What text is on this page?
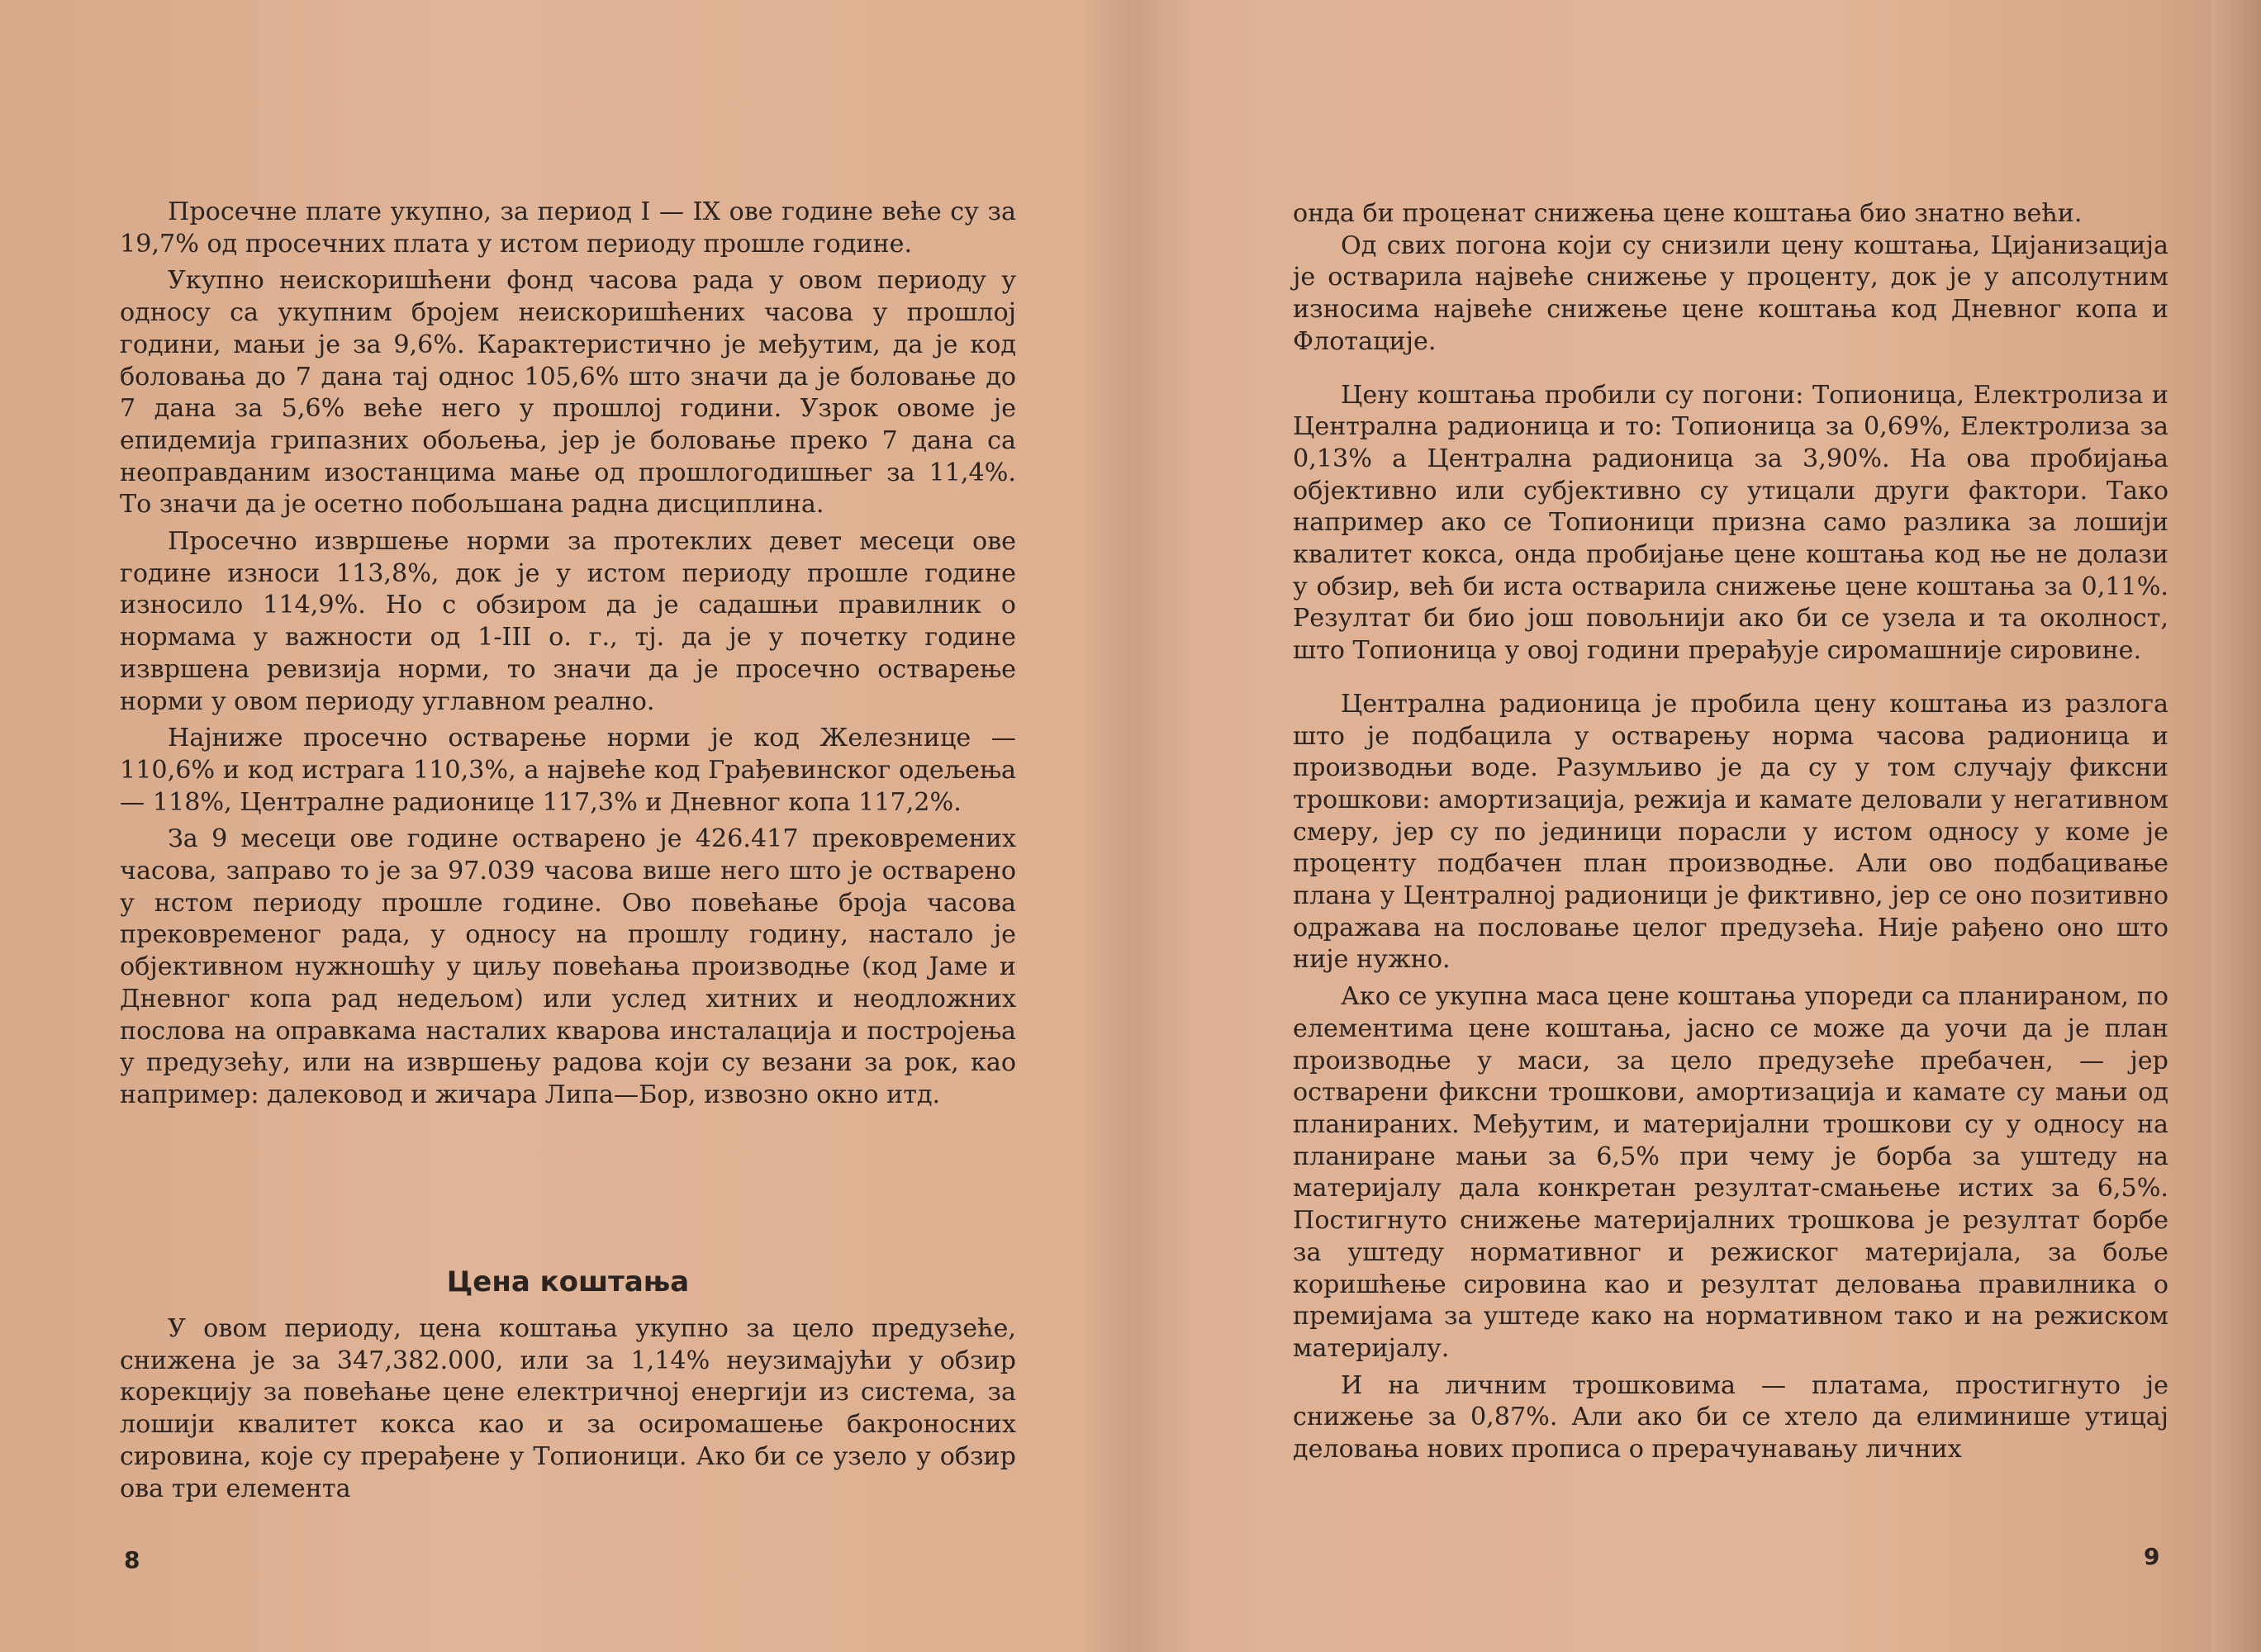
Просечне плате укупно, за период I — IX ове године веће су за 19,7% од просечних плата у истом периоду прошле године.

Укупно неискоришћени фонд часова рада у овом периоду у односу са укупним бројем неискоришћених часова у прошлој години, мањи је за 9,6%. Карактеристично је међутим, да је код боловања до 7 дана тај однос 105,6% што значи да је боловање до 7 дана за 5,6% веће него у прошлој години. Узрок овоме је епидемија грипазних обољења, јер је боловање преко 7 дана са неоправданим изостанцима мање од прошлогодишњег за 11,4%. То значи да је осетно побољшана радна дисциплина.

Просечно извршење норми за протеклих девет месеци ове године износи 113,8%, док је у истом периоду прошле године износило 114,9%. Но с обзиром да је садашњи правилник о нормама у важности од 1-III о. г., тј. да је у почетку године извршена ревизија норми, то значи да је просечно остварење норми у овом периоду углавном реално.

Најниже просечно остварење норми је код Железнице — 110,6% и код истрага 110,3%, а највеће код Грађевинског одељења — 118%, Централне радионице 117,3% и Дневног копа 117,2%.

За 9 месеци ове године остварено је 426.417 прековремених часова, заправо то је за 97.039 часова више него што је остварено у нстом периоду прошле године. Ово повећање броја часова прековременог рада, у односу на прошлу годину, настало је објективном нужношћу у циљу повећања производње (код Јаме и Дневног копа рад недељом) или услед хитних и неодложних послова на оправкама насталих кварова инсталација и постројења у предузећу, или на извршењу радова који су везани за рок, као например: далековод и жичара Липа—Бор, извозно окно итд.

Цена коштања

У овом периоду, цена коштања укупно за цело предузеће, снижена је за 347,382.000, или за 1,14% неузимајући у обзир корекцију за повећање цене електричној енергији из система, за лошији квалитет кокса као и за осиромашење бакроносних сировина, које су прерађене у Топионици. Ако би се узело у обзир ова три елемента

8

онда би проценат снижења цене коштања био знатно већи.

Од свих погона који су снизили цену коштања, Цијанизација је остварила највеће снижење у проценту, док је у апсолутним износима највеће снижење цене коштања код Дневног копа и Флотације.

Цену коштања пробили су погони: Топионица, Електролиза и Централна радионица и то: Топионица за 0,69%, Електролиза за 0,13% а Централна радионица за 3,90%. На ова пробијања објективно или субјективно су утицали други фактори. Тако например ако се Топионици призна само разлика за лошији квалитет кокса, онда пробијање цене коштања код ње не долази у обзир, већ би иста остварила снижење цене коштања за 0,11%. Резултат би био још повољнији ако би се узела и та околност, што Топионица у овој години прерађује сиромашније сировине.

Централна радионица је пробила цену коштања из разлога што је подбацила у остварењу норма часова радионица и производњи воде. Разумљиво је да су у том случају фиксни трошкови: амортизација, режија и камате деловали у негативном смеру, јер су по јединици порасли у истом односу у коме је проценту подбачен план производње. Али ово подбацивање плана у Централној радионици је фиктивно, јер се оно позитивно одражава на пословање целог предузећа. Није рађено оно што није нужно.

Ако се укупна маса цене коштања упореди са планираном, по елементима цене коштања, јасно се може да уочи да је план производње у маси, за цело предузеће пребачен, — јер остварени фиксни трошкови, амортизација и камате су мањи од планираних. Међутим, и материјални трошкови су у односу на планиране мањи за 6,5% при чему је борба за уштеду на материјалу дала конкретан резултат-смањење истих за 6,5%. Постигнуто снижење материјалних трошкова је резултат борбе за уштеду нормативног и режиског материјала, за боље коришћење сировина као и резултат деловања правилника о премијама за уштеде како на нормативном тако и на режиском материјалу.

И на личним трошковима — платама, простигнуто је снижење за 0,87%. Али ако би се хтело да елиминише утицај деловања нових прописа о прерачунавању личних

9
